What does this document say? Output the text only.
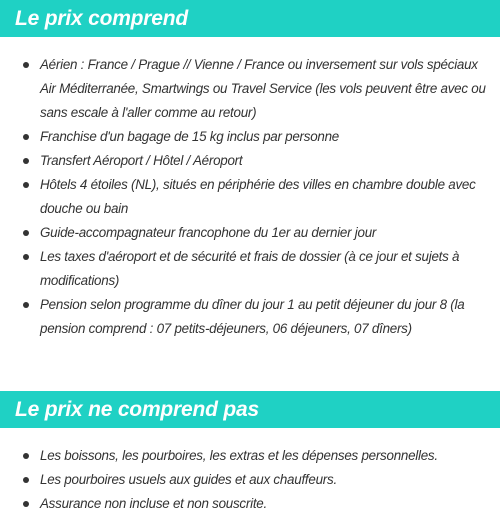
Le prix comprend
Aérien : France / Prague // Vienne / France ou inversement sur vols spéciaux Air Méditerranée, Smartwings ou Travel Service (les vols peuvent être avec ou sans escale à l'aller comme au retour)
Franchise d'un bagage de 15 kg inclus par personne
Transfert Aéroport / Hôtel / Aéroport
Hôtels 4 étoiles (NL), situés en périphérie des villes en chambre double avec douche ou bain
Guide-accompagnateur francophone du 1er au dernier jour
Les taxes d'aéroport et de sécurité et frais de dossier (à ce jour et sujets à modifications)
Pension selon programme du dîner du jour 1 au petit déjeuner du jour 8 (la pension comprend : 07 petits-déjeuners, 06 déjeuners, 07 dîners)
Le prix ne comprend pas
Les boissons, les pourboires, les extras et les dépenses personnelles.
Les pourboires usuels aux guides et aux chauffeurs.
Assurance non incluse et non souscrite.
